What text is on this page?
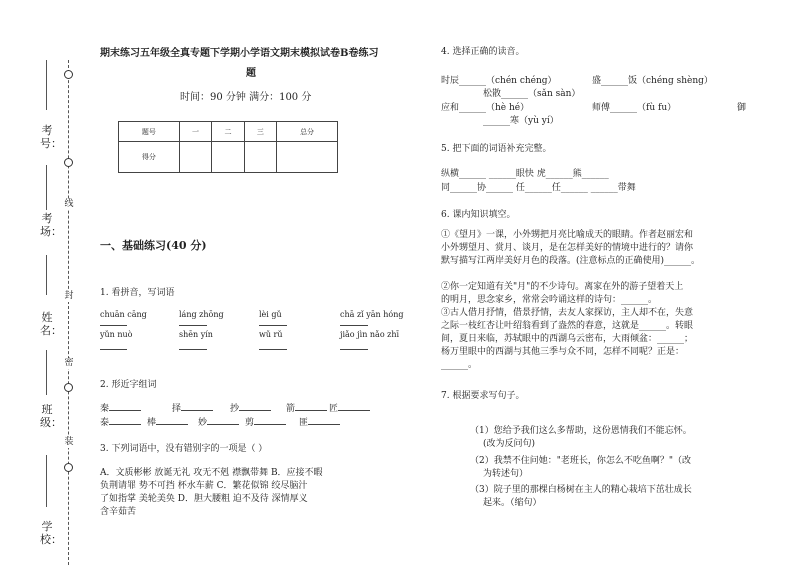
线
封
密
装
考号：
考场：
姓名：
班级：
学校：
期末练习五年级全真专题下学期小学语文期末模拟试卷B卷练习
题
时间：90 分钟 满分：100 分
题号	一	二	三	总分
得分				
一、基础练习(40 分)
1. 看拼音，写词语
chuān cāng	láng zhōng	lèi gǔ	chā zǐ yān hóng
yǔn nuò	shēn yín	wǔ rǔ	jiǎo jìn nǎo zhī
2. 形近字组词
秦	择	抄	箭	匠
泰	棒	妙	剪	匪
3. 下列词语中，没有错别字的一项是（ ）
A．文质彬彬 放诞无礼 攻无不剋 襟飘带舞 B．应接不暇
负荆请罪 势不可挡 杯水车薪 C．繁花似锦 绞尽脑汁
了如指掌 美轮美奂 D．胆大腰粗 迫不及待 深情厚义
含辛茹苦
4. 选择正确的读音。
时辰______（chén chéng）	盛______饭（chéng shèng）
松散______（sǎn sàn）
应和______（hè hé）	师傅______（fù fu）	御
______寒（yù yí）
5. 把下面的词语补充完整。
纵横______ ______眼快 虎______熊______
同______协______ 任______任______ ______带舞
6. 课内知识填空。
①《望月》一课，小外甥把月亮比喻成天的眼睛。作者赵丽宏和
小外甥望月、赏月、谈月，是在怎样美好的情境中进行的？请你
默写描写江两岸美好月色的段落。(注意标点的正确使用)______。
②你一定知道有关"月"的不少诗句。离家在外的游子望着天上
的明月，思念家乡，常常会吟诵这样的诗句：______。
③古人借月抒情，借景抒情，去友人家探访，主人却不在，失意
之际一枝红杏让叶绍翁看到了盎然的春意，这就是______。转眼
间，夏日来临，苏轼眼中的西湖乌云密布，大雨倾盆：______；
杨万里眼中的西湖与其他三季与众不同，怎样不同呢？正是：
______。
7. 根据要求写句子。
（1）您给予我们这么多帮助，这份恩情我们不能忘怀。
(改为反问句)
（2）我禁不住问她："老班长，你怎么不吃鱼啊？"（改
为转述句）
（3）院子里的那棵白杨树在主人的精心栽培下茁壮成长
起来。（缩句）
